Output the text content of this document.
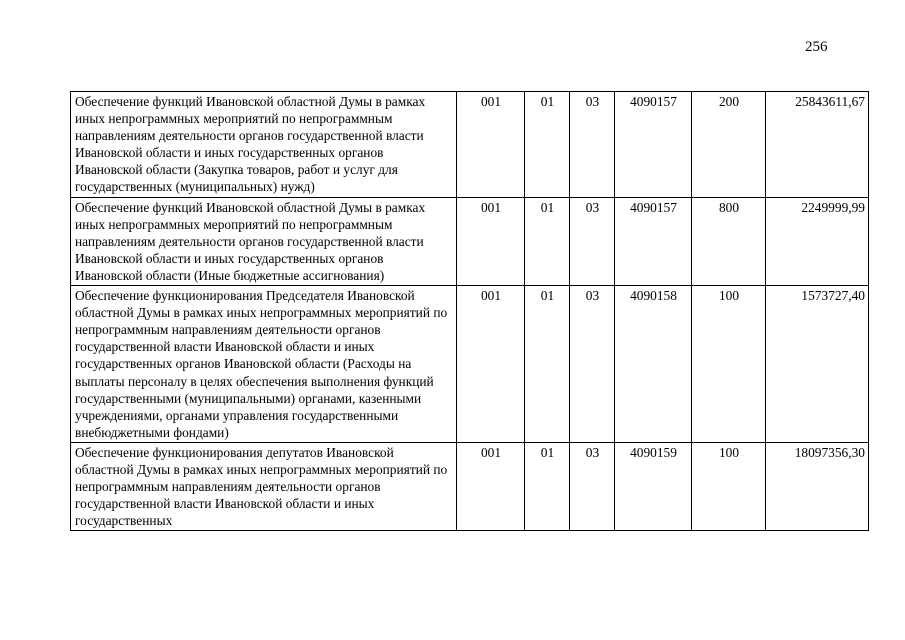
256
Обеспечение функций Ивановской областной Думы в рамках иных непрограммных мероприятий по непрограммным направлениям деятельности органов государственной власти Ивановской области и иных государственных органов Ивановской области (Закупка товаров, работ и услуг для государственных (муниципальных) нужд)	001	01	03	4090157	200	25843611,67
Обеспечение функций Ивановской областной Думы в рамках иных непрограммных мероприятий по непрограммным направлениям деятельности органов государственной власти Ивановской области и иных государственных органов Ивановской области (Иные бюджетные ассигнования)	001	01	03	4090157	800	2249999,99
Обеспечение функционирования Председателя Ивановской областной Думы в рамках иных непрограммных мероприятий по непрограммным направлениям деятельности органов государственной власти Ивановской области и иных государственных органов Ивановской области (Расходы на выплаты персоналу в целях обеспечения выполнения функций государственными (муниципальными) органами, казенными учреждениями, органами управления государственными внебюджетными фондами)	001	01	03	4090158	100	1573727,40
Обеспечение функционирования депутатов Ивановской областной Думы в рамках иных непрограммных мероприятий по непрограммным направлениям деятельности органов государственной власти Ивановской области и иных государственных	001	01	03	4090159	100	18097356,30
